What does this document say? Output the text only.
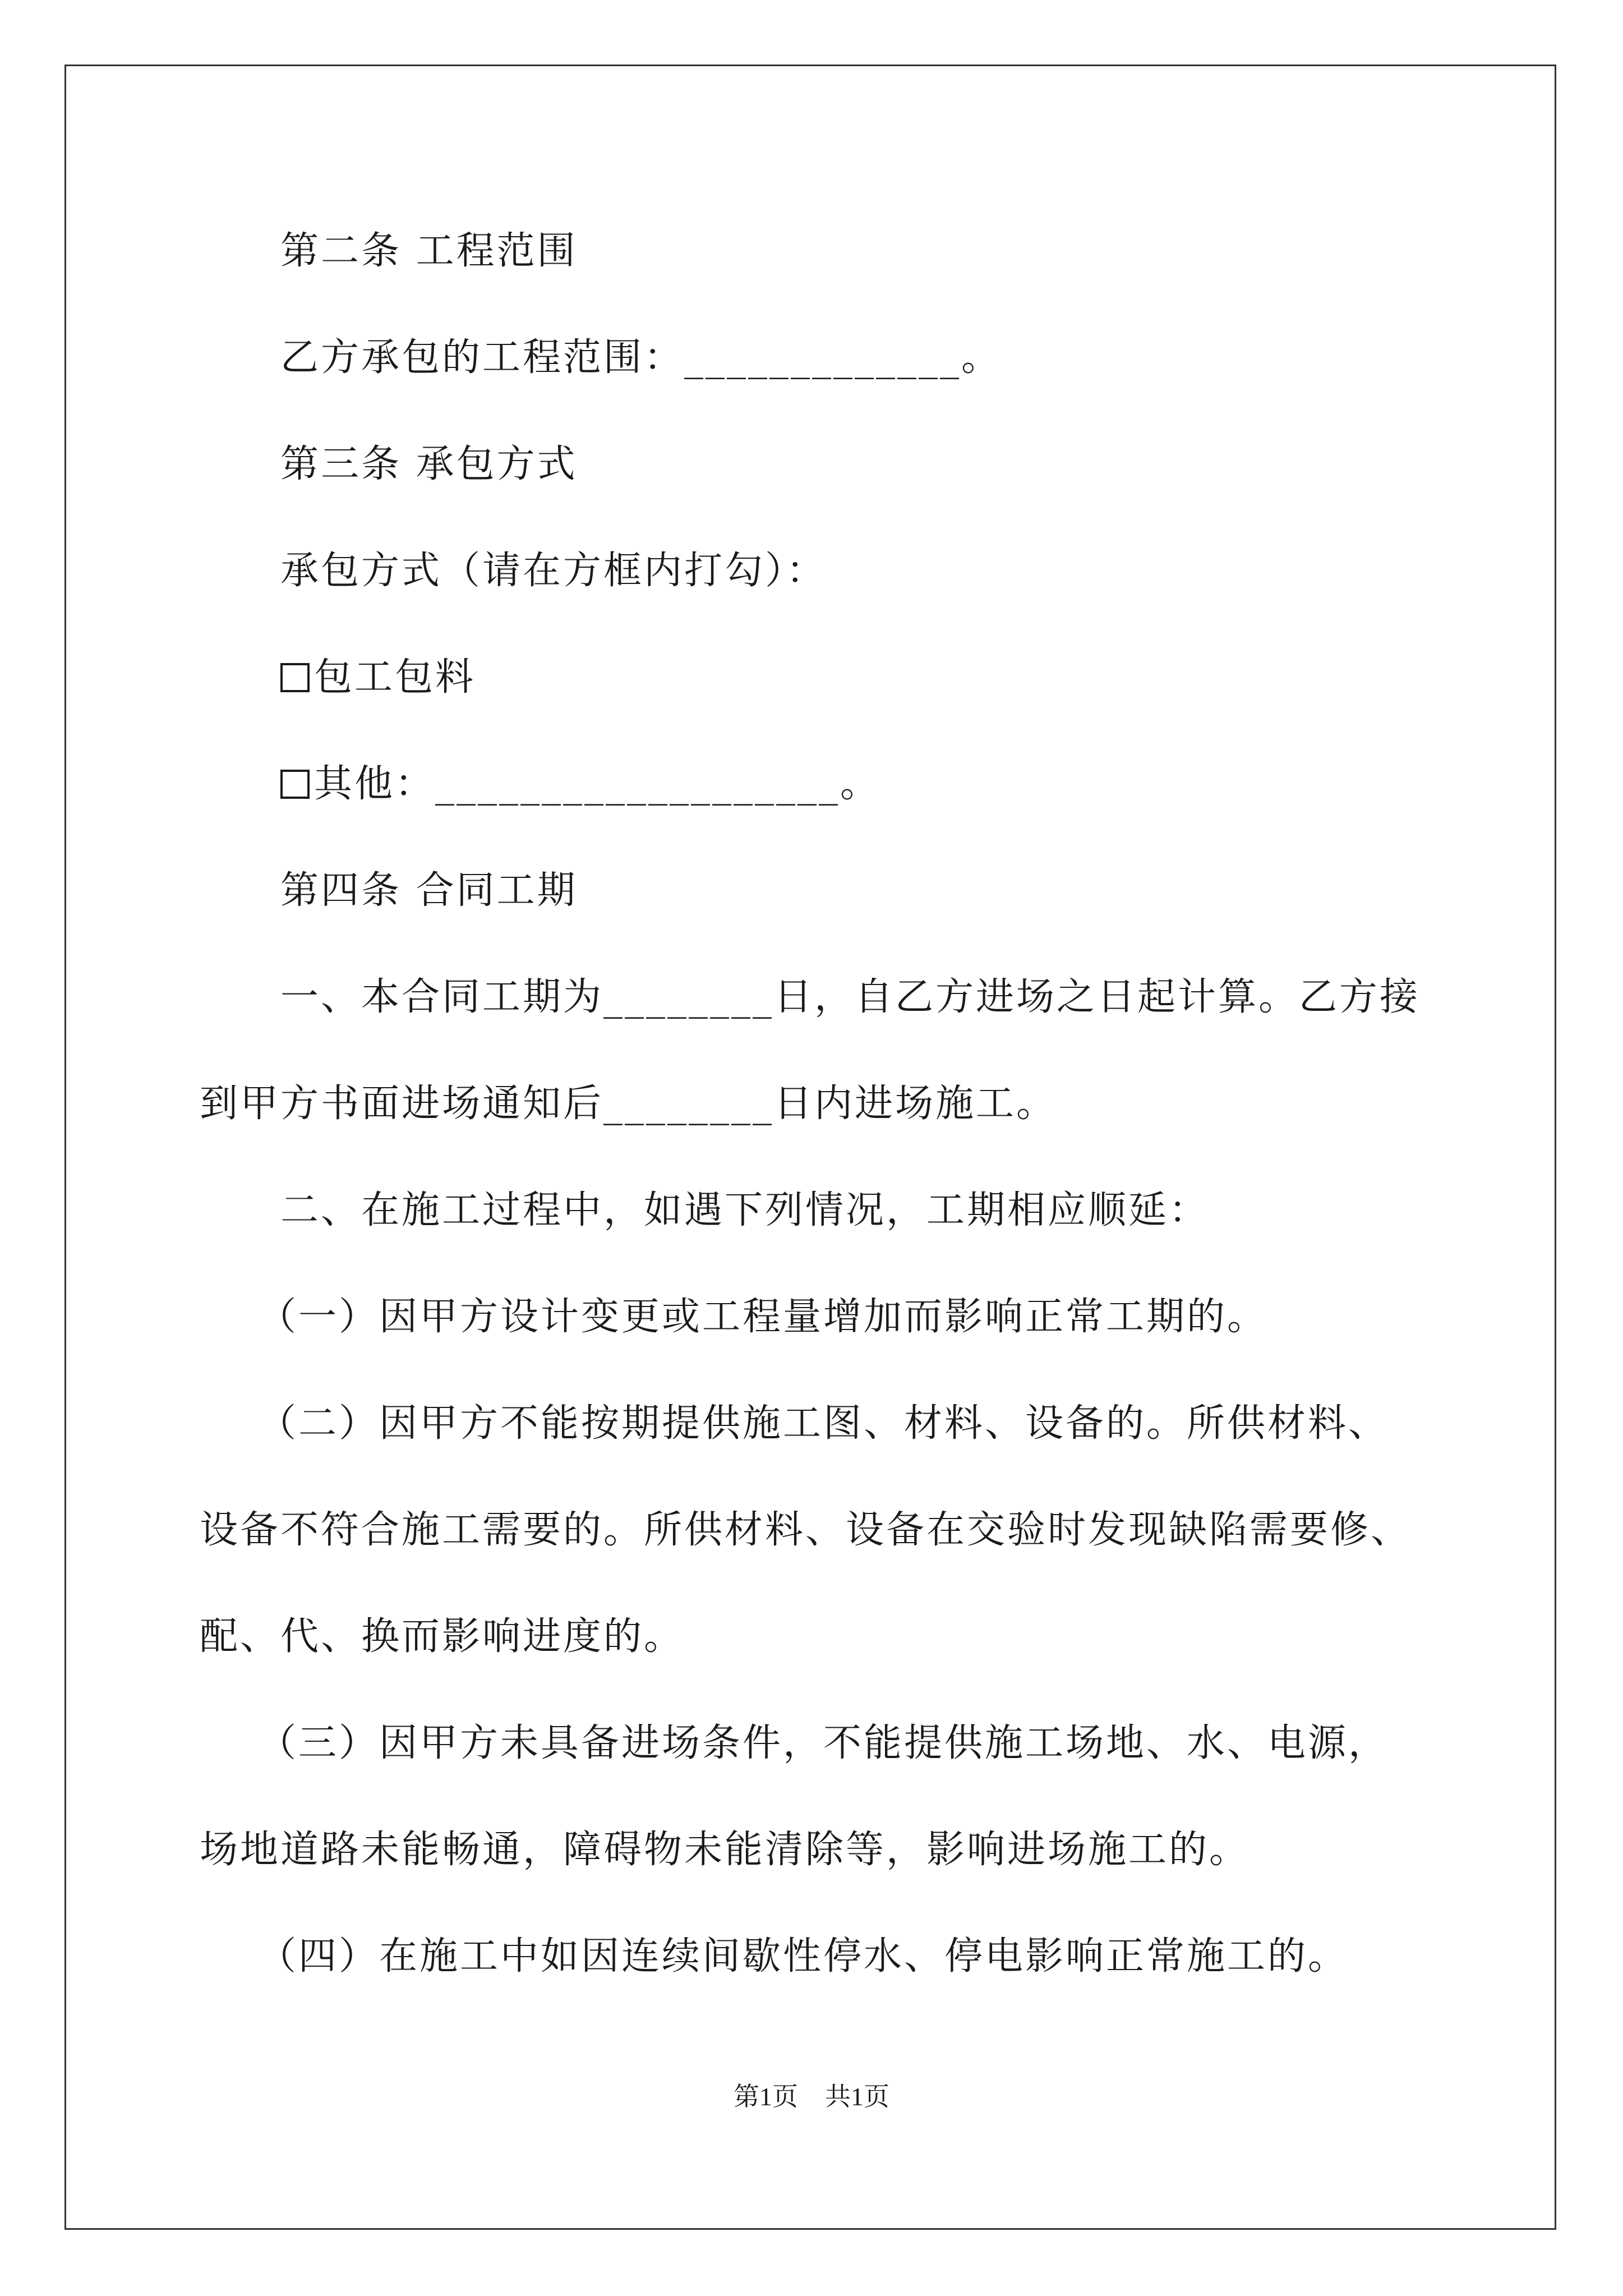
第二条 工程范围
乙方承包的工程范围：_____________。
第三条 承包方式
承包方式（请在方框内打勾）：
包工包料
其他：___________________。
第四条 合同工期
一、本合同工期为________日，自乙方进场之日起计算。乙方接
到甲方书面进场通知后________日内进场施工。
二、在施工过程中，如遇下列情况，工期相应顺延：
（一）因甲方设计变更或工程量增加而影响正常工期的。
（二）因甲方不能按期提供施工图、材料、设备的。所供材料、
设备不符合施工需要的。所供材料、设备在交验时发现缺陷需要修、
配、代、换而影响进度的。
（三）因甲方未具备进场条件，不能提供施工场地、水、电源，
场地道路未能畅通，障碍物未能清除等，影响进场施工的。
（四）在施工中如因连续间歇性停水、停电影响正常施工的。
第1页 共1页
